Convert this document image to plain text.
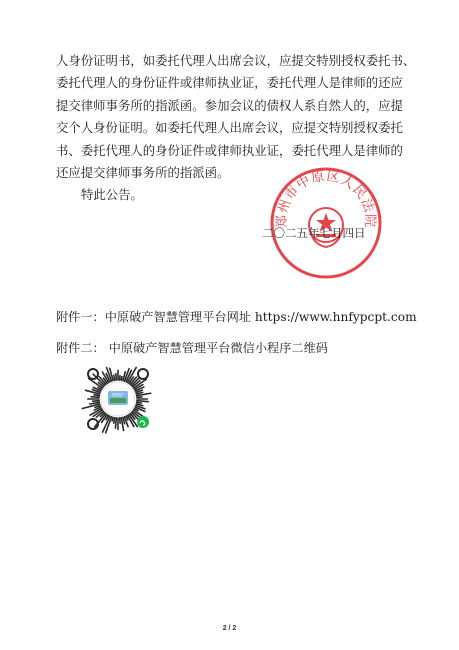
人身份证明书，如委托代理人出席会议，应提交特别授权委托书、

委托代理人的身份证件或律师执业证，委托代理人是律师的还应

提交律师事务所的指派函。参加会议的债权人系自然人的，应提

交个人身份证明。如委托代理人出席会议，应提交特别授权委托

书、委托代理人的身份证件或律师执业证，委托代理人是律师的

还应提交律师事务所的指派函。

特此公告。

郑州市中原区人民法院
二〇二五年七月四日
附件一：中原破产智慧管理平台网址 https://www.hnfypcpt.com
附件二： 中原破产智慧管理平台微信小程序二维码
智慧破产
2 / 2
